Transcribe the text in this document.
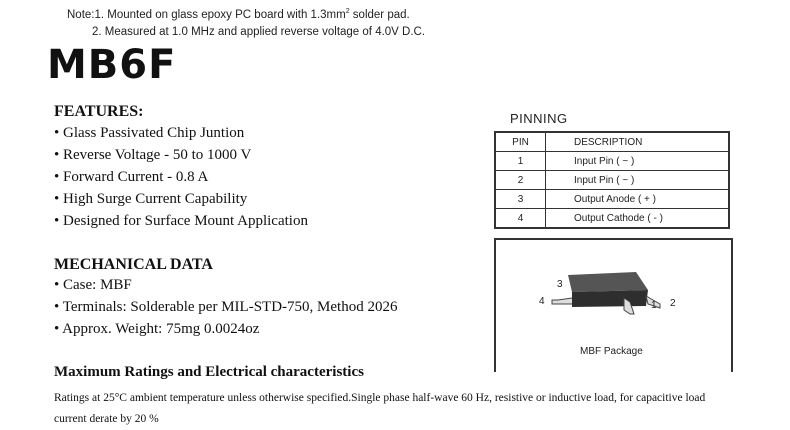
Note:1. Mounted on glass epoxy PC board with $1.3mm^2$ solder pad.
2. Measured at 1.0 MHz and applied reverse voltage of 4.0V D.C.
MB6F
FEATURES:
• Glass Passivated Chip Juntion
• Reverse Voltage - 50 to 1000 V
• Forward Current - 0.8 A
• High Surge Current Capability
• Designed for Surface Mount Application
MECHANICAL DATA
• Case: MBF
• Terminals: Solderable per MIL-STD-750, Method 2026
• Approx. Weight: 75mg 0.0024oz
Maximum Ratings and Electrical characteristics
Ratings at 25°C ambient temperature unless otherwise specified.Single phase half-wave 60 Hz, resistive or inductive load, for capacitive load
current derate by 20 %
PINNING
PIN	DESCRIPTION
1	Input Pin ( ~ )
2	Input Pin ( ~ )
3	Output Anode ( + )
4	Output Cathode ( - )
1 2
3
4
MBF Package
